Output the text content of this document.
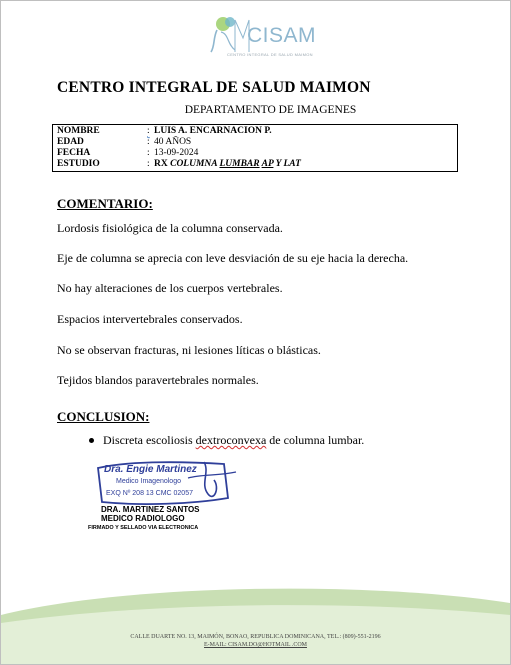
CISAM
CENTRO INTEGRAL DE SALUD MAIMON
CENTRO INTEGRAL DE SALUD MAIMON
DEPARTAMENTO DE IMAGENES
NOMBRE	: LUIS A. ENCARNACION P.
EDAD	: 40 AÑOS
FECHA	: 13-09-2024
ESTUDIO	: RX COLUMNA LUMBAR AP Y LAT
COMENTARIO:
Lordosis fisiológica de la columna conservada.
Eje de columna se aprecia con leve desviación de su eje hacia la derecha.
No hay alteraciones de los cuerpos vertebrales.
Espacios intervertebrales conservados.
No se observan fracturas, ni lesiones líticas o blásticas.
Tejidos blandos paravertebrales normales.
CONCLUSION:
Discreta escoliosis dextroconvexa de columna lumbar.
Dra. Engie Martinez
Medico Imagenologo
EXQ Nº 208 13 CMC 02057
DRA. MARTINEZ SANTOS
MEDICO RADIOLOGO
FIRMADO Y SELLADO VIA ELECTRONICA
CALLE DUARTE NO. 13, MAIMÓN, BONAO, REPUBLICA DOMINICANA, TEL.: (809)-551-2196
E-MAIL: CISAM.DO@HOTMAIL .COM
